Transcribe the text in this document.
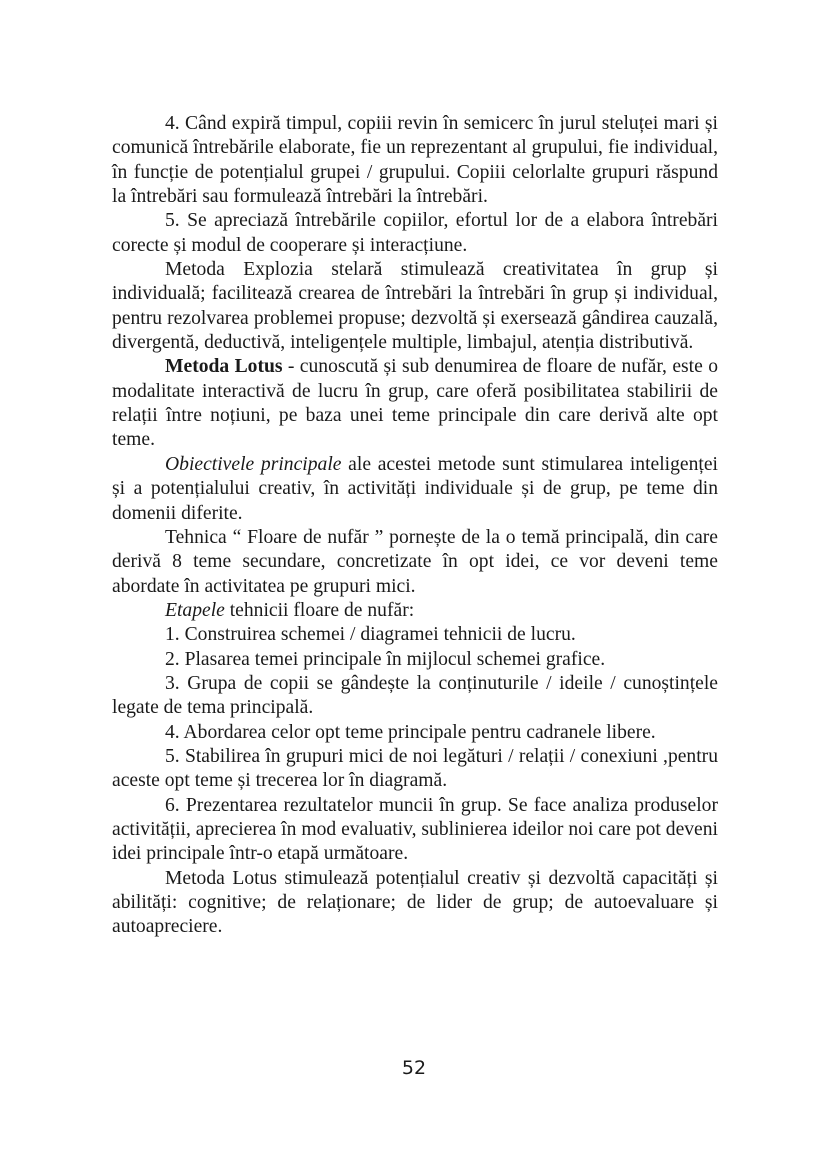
4. Când expiră timpul, copiii revin în semicerc în jurul steluței mari și comunică întrebările elaborate, fie un reprezentant al grupului, fie individual, în funcție de potențialul grupei / grupului. Copiii celorlalte grupuri răspund la întrebări sau formulează întrebări la întrebări.

5. Se apreciază întrebările copiilor, efortul lor de a elabora întrebări corecte și modul de cooperare și interacțiune.

Metoda Explozia stelară stimulează creativitatea în grup și individuală; facilitează crearea de întrebări la întrebări în grup și individual, pentru rezolvarea problemei propuse; dezvoltă și exersează gândirea cauzală, divergentă, deductivă, inteligențele multiple, limbajul, atenția distributivă.

Metoda Lotus - cunoscută și sub denumirea de floare de nufăr, este o modalitate interactivă de lucru în grup, care oferă posibilitatea stabilirii de relații între noțiuni, pe baza unei teme principale din care derivă alte opt teme.

Obiectivele principale ale acestei metode sunt stimularea inteligenței și a potențialului creativ, în activități individuale și de grup, pe teme din domenii diferite.

Tehnica “ Floare de nufăr ” pornește de la o temă principală, din care derivă 8 teme secundare, concretizate în opt idei, ce vor deveni teme abordate în activitatea pe grupuri mici.

Etapele tehnicii floare de nufăr:

1. Construirea schemei / diagramei tehnicii de lucru.

2. Plasarea temei principale în mijlocul schemei grafice.

3. Grupa de copii se gândește la conținuturile / ideile / cunoștințele legate de tema principală.

4. Abordarea celor opt teme principale pentru cadranele libere.

5. Stabilirea în grupuri mici de noi legături / relații / conexiuni ,pentru aceste opt teme și trecerea lor în diagramă.

6. Prezentarea rezultatelor muncii în grup. Se face analiza produselor activității, aprecierea în mod evaluativ, sublinierea ideilor noi care pot deveni idei principale într-o etapă următoare.

Metoda Lotus stimulează potențialul creativ și dezvoltă capacități și abilități: cognitive; de relaționare; de lider de grup; de autoevaluare și autoapreciere.

52
